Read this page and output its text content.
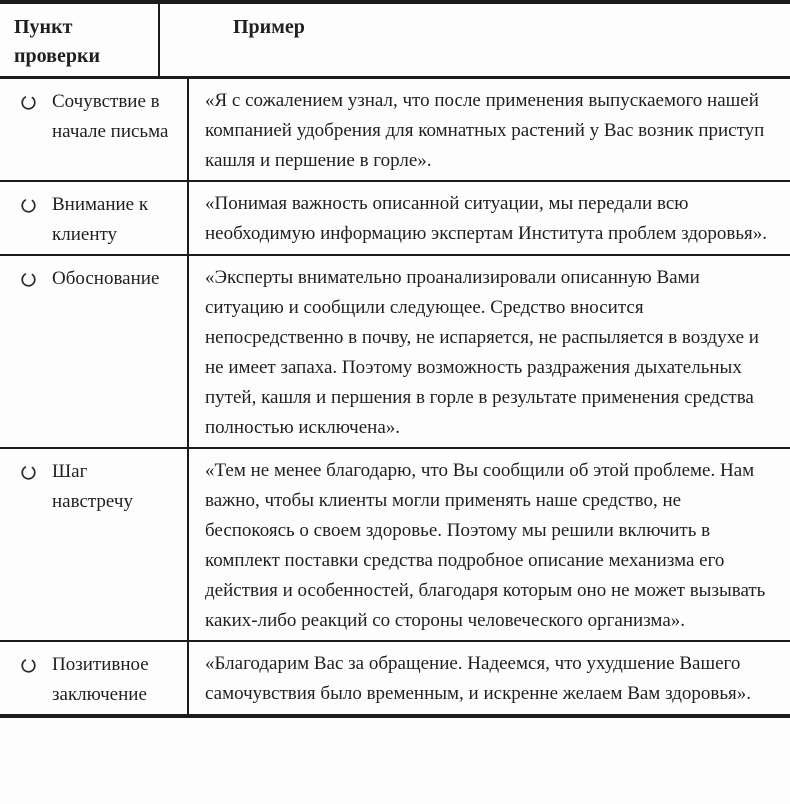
Пункт проверки
Пример
Сочувствие в начале письма
«Я с сожалением узнал, что после применения выпускаемого нашей компанией удобрения для комнатных растений у Вас возник приступ кашля и першение в горле».
Внимание к клиенту
«Понимая важность описанной ситуации, мы передали всю необходимую информацию экспертам Института проблем здоровья».
Обоснование	«Эксперты внимательно проанализировали описанную Вами ситуацию и сообщили следующее. Средство вносится непосредственно в почву, не испаряется, не распыляется в воздухе и не имеет запаха. Поэтому возможность раздражения дыхательных путей, кашля и першения в горле в результате применения средства полностью исключена».
Шаг навстречу
«Тем не менее благодарю, что Вы сообщили об этой проблеме. Нам важно, чтобы клиенты могли применять наше средство, не беспокоясь о своем здоровье. Поэтому мы решили включить в комплект поставки средства подробное описание механизма его действия и особенностей, благодаря которым оно не может вызывать каких-либо реакций со стороны человеческого организма».
Позитивное заключение
«Благодарим Вас за обращение. Надеемся, что ухудшение Вашего самочувствия было временным, и искренне желаем Вам здоровья».
